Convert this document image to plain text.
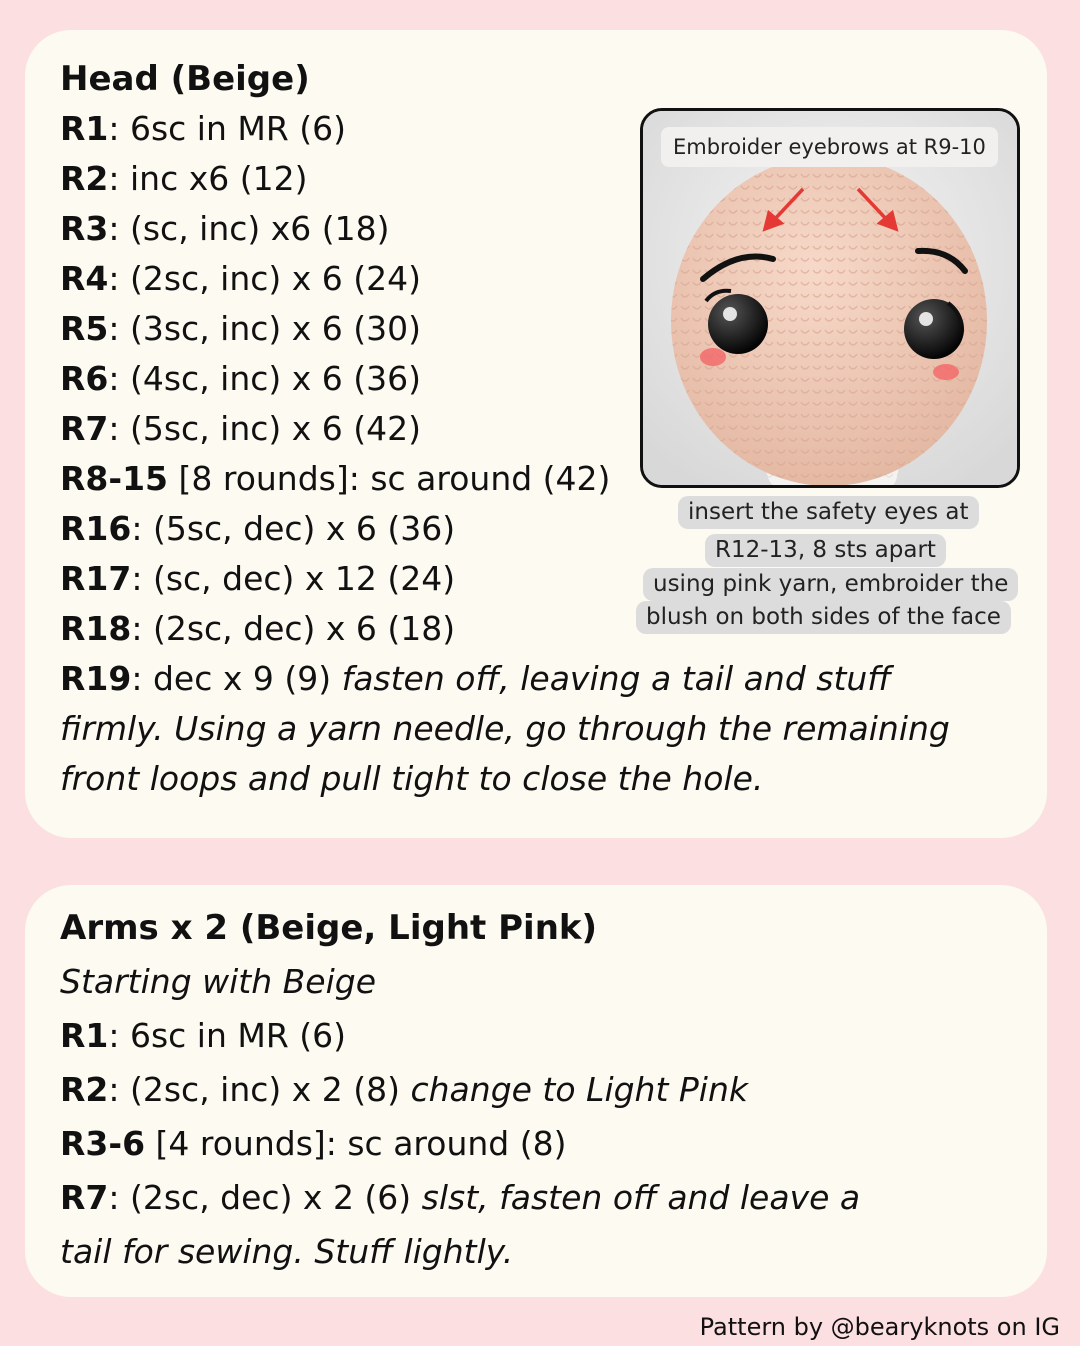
Head (Beige)
R1: 6sc in MR (6)
R2: inc x6 (12)
R3: (sc, inc) x6 (18)
R4: (2sc, inc) x 6 (24)
R5: (3sc, inc) x 6 (30)
R6: (4sc, inc) x 6 (36)
R7: (5sc, inc) x 6 (42)
R8-15 [8 rounds]: sc around (42)
R16: (5sc, dec) x 6 (36)
R17: (sc, dec) x 12 (24)
R18: (2sc, dec) x 6 (18)
R19: dec x 9 (9) fasten off, leaving a tail and stuff
firmly. Using a yarn needle, go through the remaining
front loops and pull tight to close the hole.
Embroider eyebrows at R9-10
insert the safety eyes at
R12-13, 8 sts apart
using pink yarn, embroider the
blush on both sides of the face
Arms x 2 (Beige, Light Pink)
Starting with Beige
R1: 6sc in MR (6)
R2: (2sc, inc) x 2 (8) change to Light Pink
R3-6 [4 rounds]: sc around (8)
R7: (2sc, dec) x 2 (6) slst, fasten off and leave a
tail for sewing. Stuff lightly.
Pattern by @bearyknots on IG
